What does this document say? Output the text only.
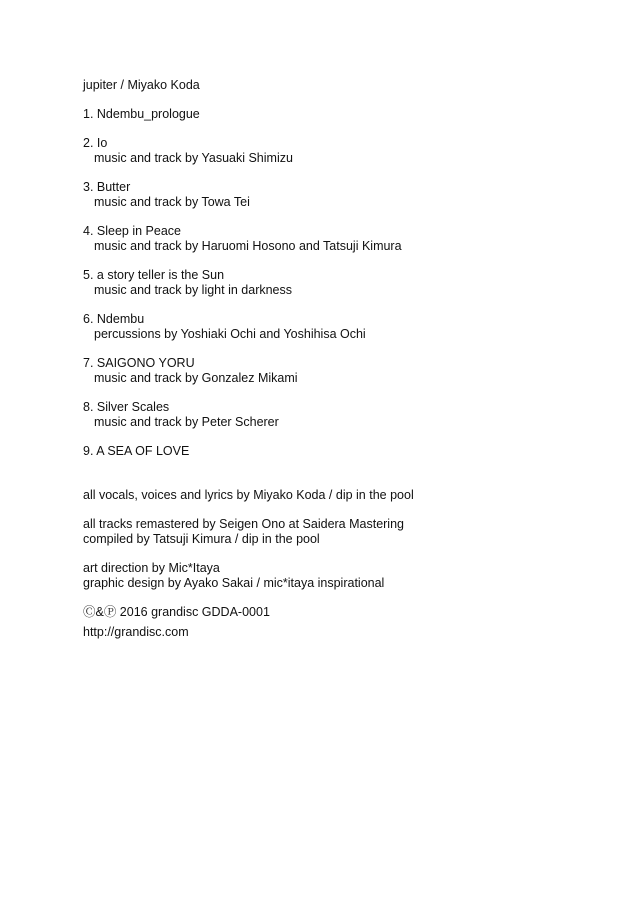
jupiter / Miyako Koda
1. Ndembu_prologue
2. Io
music and track by Yasuaki Shimizu
3. Butter
music and track by Towa Tei
4. Sleep in Peace
music and track by Haruomi Hosono and Tatsuji Kimura
5. a story teller is the Sun
music and track by light in darkness
6. Ndembu
percussions by Yoshiaki Ochi and Yoshihisa Ochi
7. SAIGONO YORU
music and track by Gonzalez Mikami
8. Silver Scales
music and track by Peter Scherer
9. A SEA OF LOVE
all vocals, voices and lyrics by Miyako Koda / dip in the pool
all tracks remastered by Seigen Ono at Saidera Mastering
compiled by Tatsuji Kimura / dip in the pool
art direction by Mic*Itaya
graphic design by Ayako Sakai / mic*itaya inspirational
Ⓒ&Ⓟ 2016 grandisc GDDA-0001
http://grandisc.com
